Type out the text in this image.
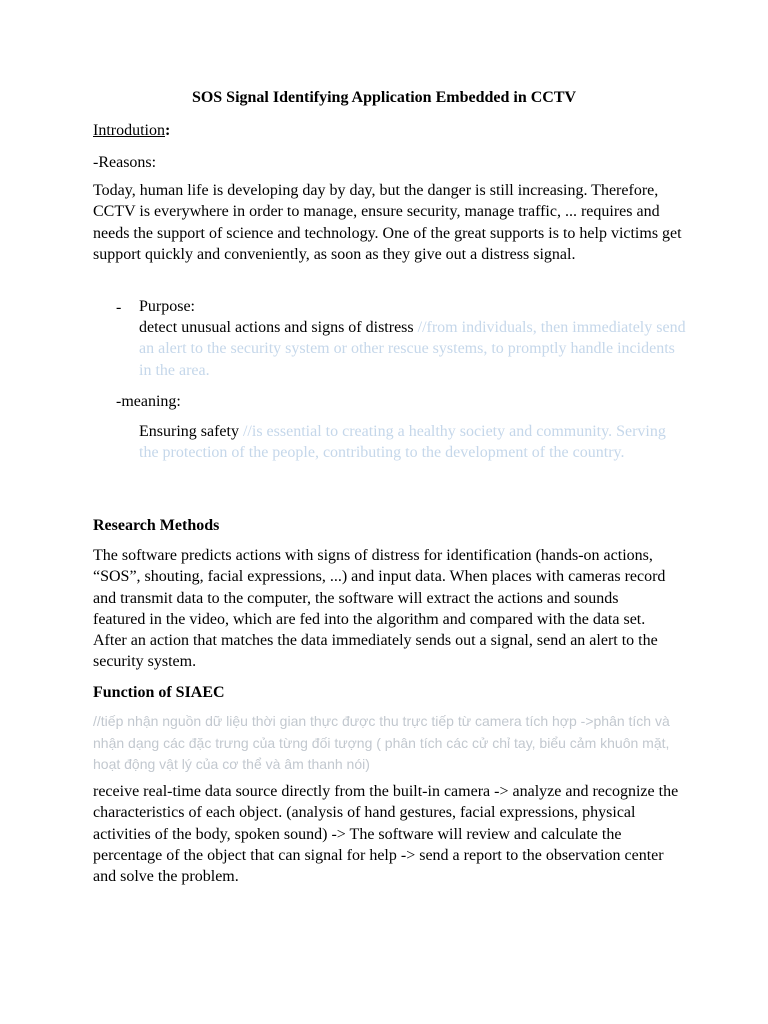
SOS Signal Identifying Application Embedded in CCTV
Introdution:
-Reasons:

Today, human life is developing day by day, but the danger is still increasing. Therefore, CCTV is everywhere in order to manage, ensure security, manage traffic, ... requires and needs the support of science and technology. One of the great supports is to help victims get support quickly and conveniently, as soon as they give out a distress signal.

- Purpose:
detect unusual actions and signs of distress //from individuals, then immediately send an alert to the security system or other rescue systems, to promptly handle incidents in the area.
-meaning:
Ensuring safety //is essential to creating a healthy society and community. Serving the protection of the people, contributing to the development of the country.
Research Methods

The software predicts actions with signs of distress for identification (hands-on actions, “SOS”, shouting, facial expressions, ...) and input data. When places with cameras record and transmit data to the computer, the software will extract the actions and sounds featured in the video, which are fed into the algorithm and compared with the data set. After an action that matches the data immediately sends out a signal, send an alert to the security system.

Function of SIAEC

//tiếp nhận nguồn dữ liệu thời gian thực được thu trực tiếp từ camera tích hợp ->phân tích và nhận dạng các đặc trưng của từng đối tượng ( phân tích các cử chỉ tay, biểu cảm khuôn mặt, hoạt động vật lý của cơ thể và âm thanh nói)

receive real-time data source directly from the built-in camera -> analyze and recognize the characteristics of each object. (analysis of hand gestures, facial expressions, physical activities of the body, spoken sound) -> The software will review and calculate the percentage of the object that can signal for help -> send a report to the observation center and solve the problem.
